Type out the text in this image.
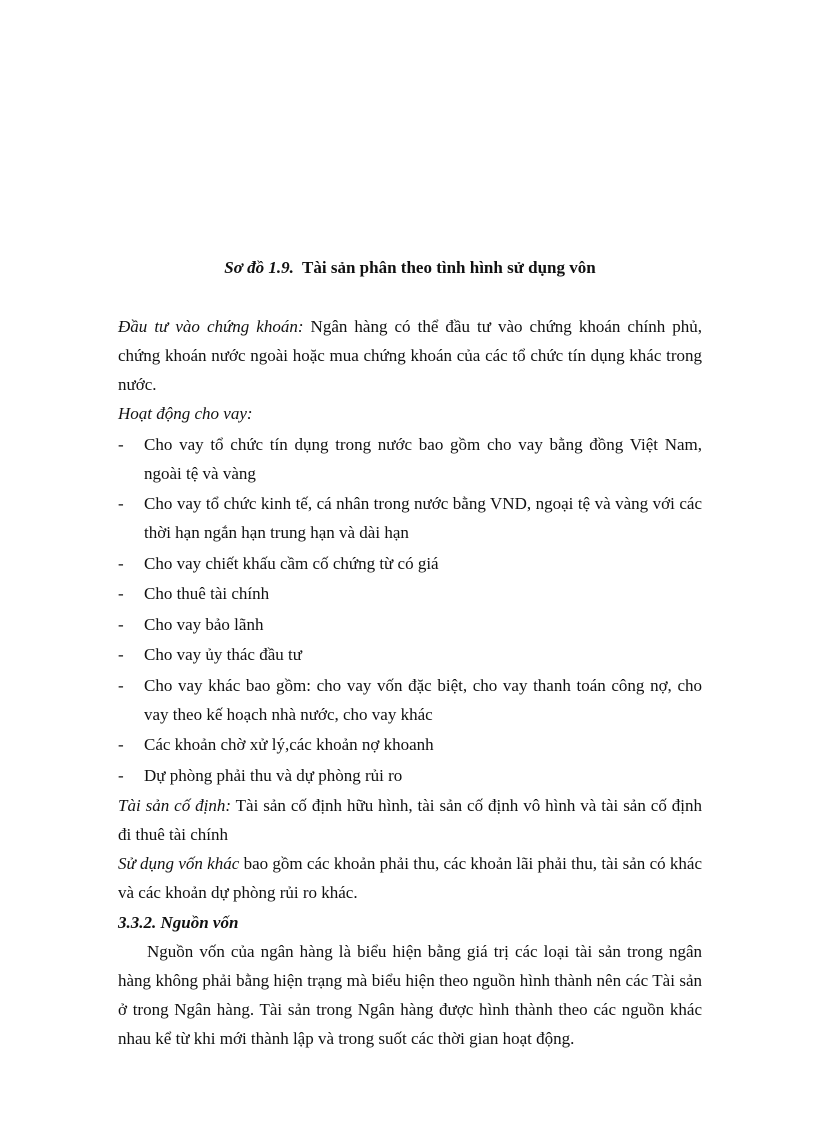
Sơ đồ 1.9. Tài sản phân theo tình hình sử dụng vôn

Đầu tư vào chứng khoán: Ngân hàng có thể đầu tư vào chứng khoán chính phủ, chứng khoán nước ngoài hoặc mua chứng khoán của các tổ chức tín dụng khác trong nước.

Hoạt động cho vay:

- Cho vay tổ chức tín dụng trong nước bao gồm cho vay bằng đồng Việt Nam, ngoài tệ và vàng
- Cho vay tổ chức kinh tế, cá nhân trong nước bằng VND, ngoại tệ và vàng với các thời hạn ngắn hạn trung hạn và dài hạn
- Cho vay chiết khấu cầm cố chứng từ có giá
- Cho thuê tài chính
- Cho vay bảo lãnh
- Cho vay ủy thác đầu tư
- Cho vay khác bao gồm: cho vay vốn đặc biệt, cho vay thanh toán công nợ, cho vay theo kế hoạch nhà nước, cho vay khác
- Các khoản chờ xử lý,các khoản nợ khoanh
- Dự phòng phải thu và dự phòng rủi ro

Tài sản cố định: Tài sản cố định hữu hình, tài sản cố định vô hình và tài sản cố định đi thuê tài chính

Sử dụng vốn khác bao gồm các khoản phải thu, các khoản lãi phải thu, tài sản có khác và các khoản dự phòng rủi ro khác.

3.3.2. Nguồn vốn

Nguồn vốn của ngân hàng là biểu hiện bằng giá trị các loại tài sản trong ngân hàng không phải bằng hiện trạng mà biểu hiện theo nguồn hình thành nên các Tài sản ở trong Ngân hàng. Tài sản trong Ngân hàng được hình thành theo các nguồn khác nhau kể từ khi mới thành lập và trong suốt các thời gian hoạt động.
